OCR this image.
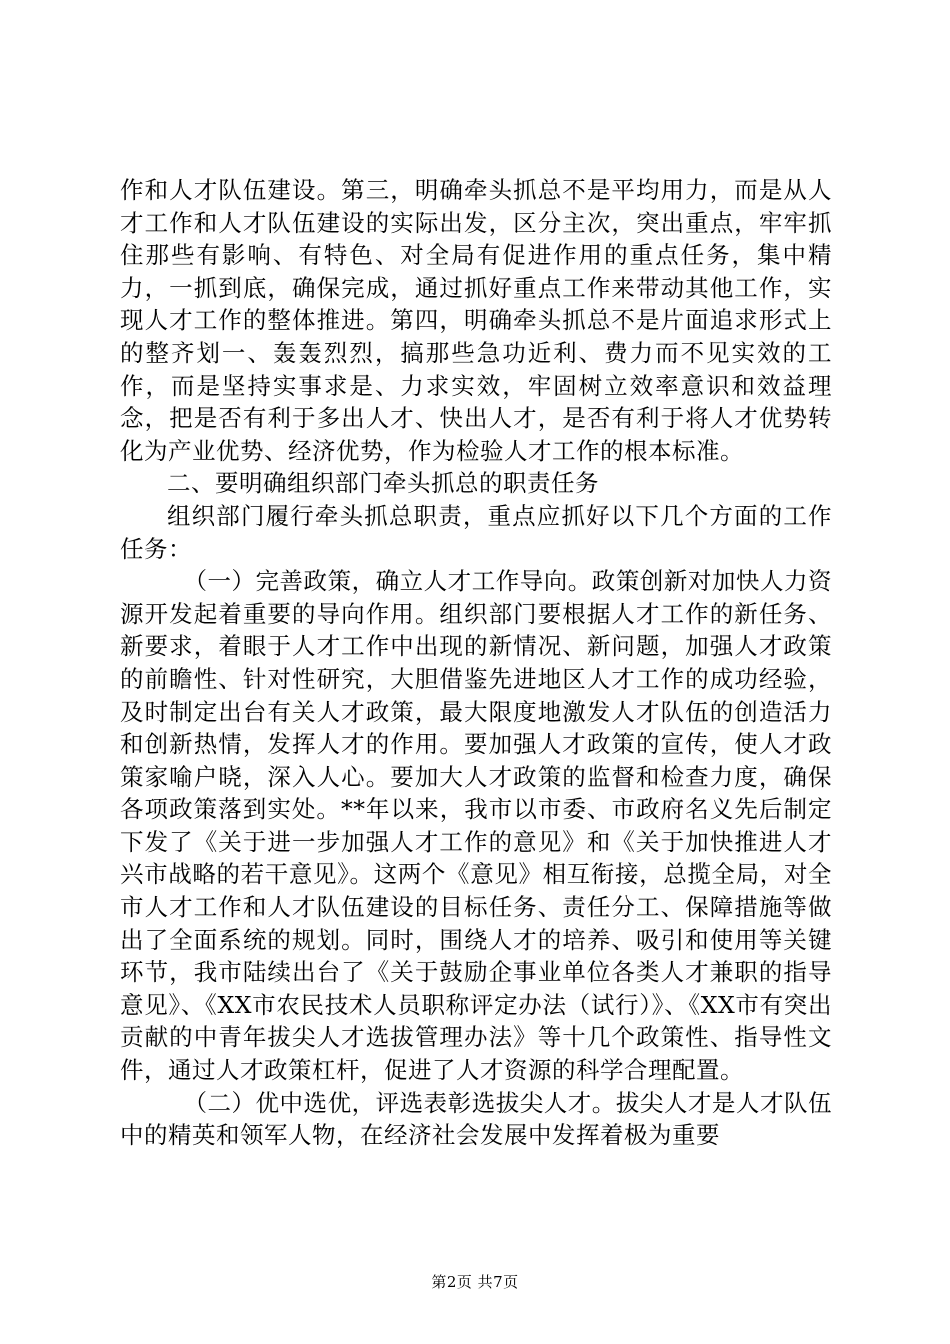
作和人才队伍建设。第三，明确牵头抓总不是平均用力，而是从人才工作和人才队伍建设的实际出发，区分主次，突出重点，牢牢抓住那些有影响、有特色、对全局有促进作用的重点任务，集中精力，一抓到底，确保完成，通过抓好重点工作来带动其他工作，实现人才工作的整体推进。第四，明确牵头抓总不是片面追求形式上的整齐划一、轰轰烈烈，搞那些急功近利、费力而不见实效的工作，而是坚持实事求是、力求实效，牢固树立效率意识和效益理念，把是否有利于多出人才、快出人才，是否有利于将人才优势转化为产业优势、经济优势，作为检验人才工作的根本标准。

二、要明确组织部门牵头抓总的职责任务

组织部门履行牵头抓总职责，重点应抓好以下几个方面的工作任务：

（一）完善政策，确立人才工作导向。政策创新对加快人力资源开发起着重要的导向作用。组织部门要根据人才工作的新任务、新要求，着眼于人才工作中出现的新情况、新问题，加强人才政策的前瞻性、针对性研究，大胆借鉴先进地区人才工作的成功经验，及时制定出台有关人才政策，最大限度地激发人才队伍的创造活力和创新热情，发挥人才的作用。要加强人才政策的宣传，使人才政策家喻户晓，深入人心。要加大人才政策的监督和检查力度，确保各项政策落到实处。**年以来，我市以市委、市政府名义先后制定下发了《关于进一步加强人才工作的意见》和《关于加快推进人才兴市战略的若干意见》。这两个《意见》相互衔接，总揽全局，对全市人才工作和人才队伍建设的目标任务、责任分工、保障措施等做出了全面系统的规划。同时，围绕人才的培养、吸引和使用等关键环节，我市陆续出台了《关于鼓励企事业单位各类人才兼职的指导意见》、《XX市农民技术人员职称评定办法（试行）》、《XX市有突出贡献的中青年拔尖人才选拔管理办法》等十几个政策性、指导性文件，通过人才政策杠杆，促进了人才资源的科学合理配置。

（二）优中选优，评选表彰选拔尖人才。拔尖人才是人才队伍中的精英和领军人物，在经济社会发展中发挥着极为重要

第2页 共7页
